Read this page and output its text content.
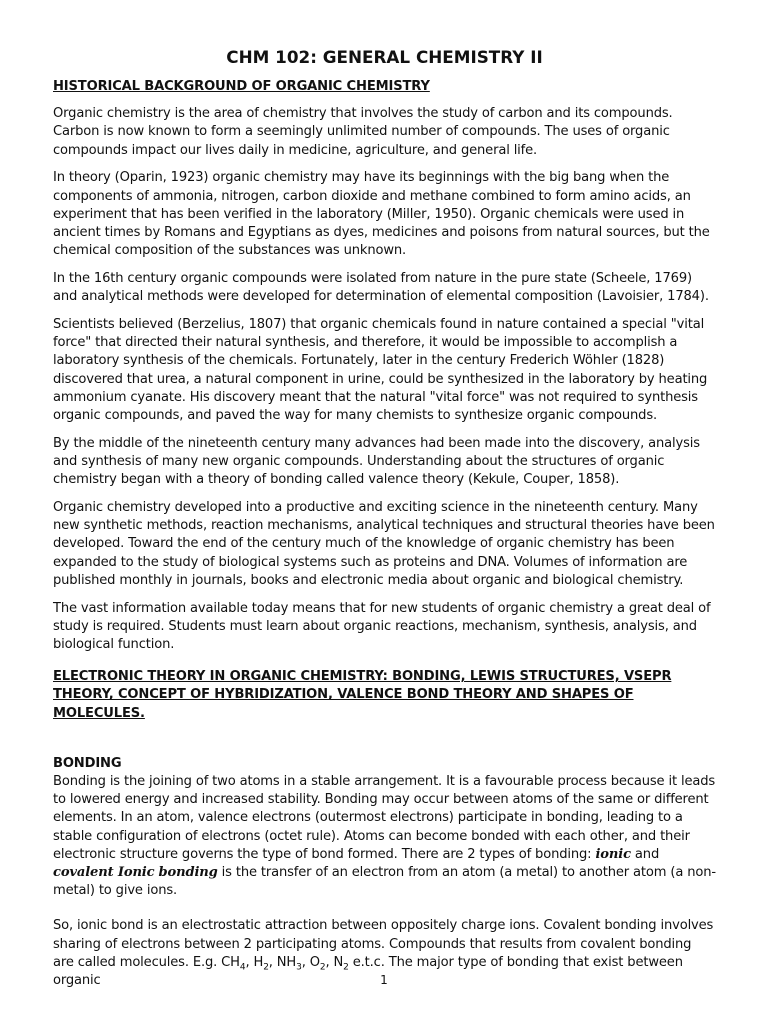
CHM 102: GENERAL CHEMISTRY II
HISTORICAL BACKGROUND OF ORGANIC CHEMISTRY

Organic chemistry is the area of chemistry that involves the study of carbon and its compounds. Carbon is now known to form a seemingly unlimited number of compounds. The uses of organic compounds impact our lives daily in medicine, agriculture, and general life.

In theory (Oparin, 1923) organic chemistry may have its beginnings with the big bang when the components of ammonia, nitrogen, carbon dioxide and methane combined to form amino acids, an experiment that has been verified in the laboratory (Miller, 1950). Organic chemicals were used in ancient times by Romans and Egyptians as dyes, medicines and poisons from natural sources, but the chemical composition of the substances was unknown.

In the 16th century organic compounds were isolated from nature in the pure state (Scheele, 1769) and analytical methods were developed for determination of elemental composition (Lavoisier, 1784).

Scientists believed (Berzelius, 1807) that organic chemicals found in nature contained a special "vital force" that directed their natural synthesis, and therefore, it would be impossible to accomplish a laboratory synthesis of the chemicals. Fortunately, later in the century Frederich Wöhler (1828) discovered that urea, a natural component in urine, could be synthesized in the laboratory by heating ammonium cyanate. His discovery meant that the natural "vital force" was not required to synthesis organic compounds, and paved the way for many chemists to synthesize organic compounds.

By the middle of the nineteenth century many advances had been made into the discovery, analysis and synthesis of many new organic compounds. Understanding about the structures of organic chemistry began with a theory of bonding called valence theory (Kekule, Couper, 1858).

Organic chemistry developed into a productive and exciting science in the nineteenth century. Many new synthetic methods, reaction mechanisms, analytical techniques and structural theories have been developed. Toward the end of the century much of the knowledge of organic chemistry has been expanded to the study of biological systems such as proteins and DNA. Volumes of information are published monthly in journals, books and electronic media about organic and biological chemistry.

The vast information available today means that for new students of organic chemistry a great deal of study is required. Students must learn about organic reactions, mechanism, synthesis, analysis, and biological function.

ELECTRONIC THEORY IN ORGANIC CHEMISTRY: BONDING, LEWIS STRUCTURES, VSEPR THEORY, CONCEPT OF HYBRIDIZATION, VALENCE BOND THEORY AND SHAPES OF MOLECULES.
BONDING

Bonding is the joining of two atoms in a stable arrangement. It is a favourable process because it leads to lowered energy and increased stability. Bonding may occur between atoms of the same or different elements. In an atom, valence electrons (outermost electrons) participate in bonding, leading to a stable configuration of electrons (octet rule). Atoms can become bonded with each other, and their electronic structure governs the type of bond formed. There are 2 types of bonding: ionic and covalent Ionic bonding is the transfer of an electron from an atom (a metal) to another atom (a non-metal) to give ions.

So, ionic bond is an electrostatic attraction between oppositely charge ions. Covalent bonding involves sharing of electrons between 2 participating atoms. Compounds that results from covalent bonding are called molecules. E.g. $CH_4$, $H_2$, $NH_3$, $O_2$, $N_2$ e.t.c. The major type of bonding that exist between organic	1
